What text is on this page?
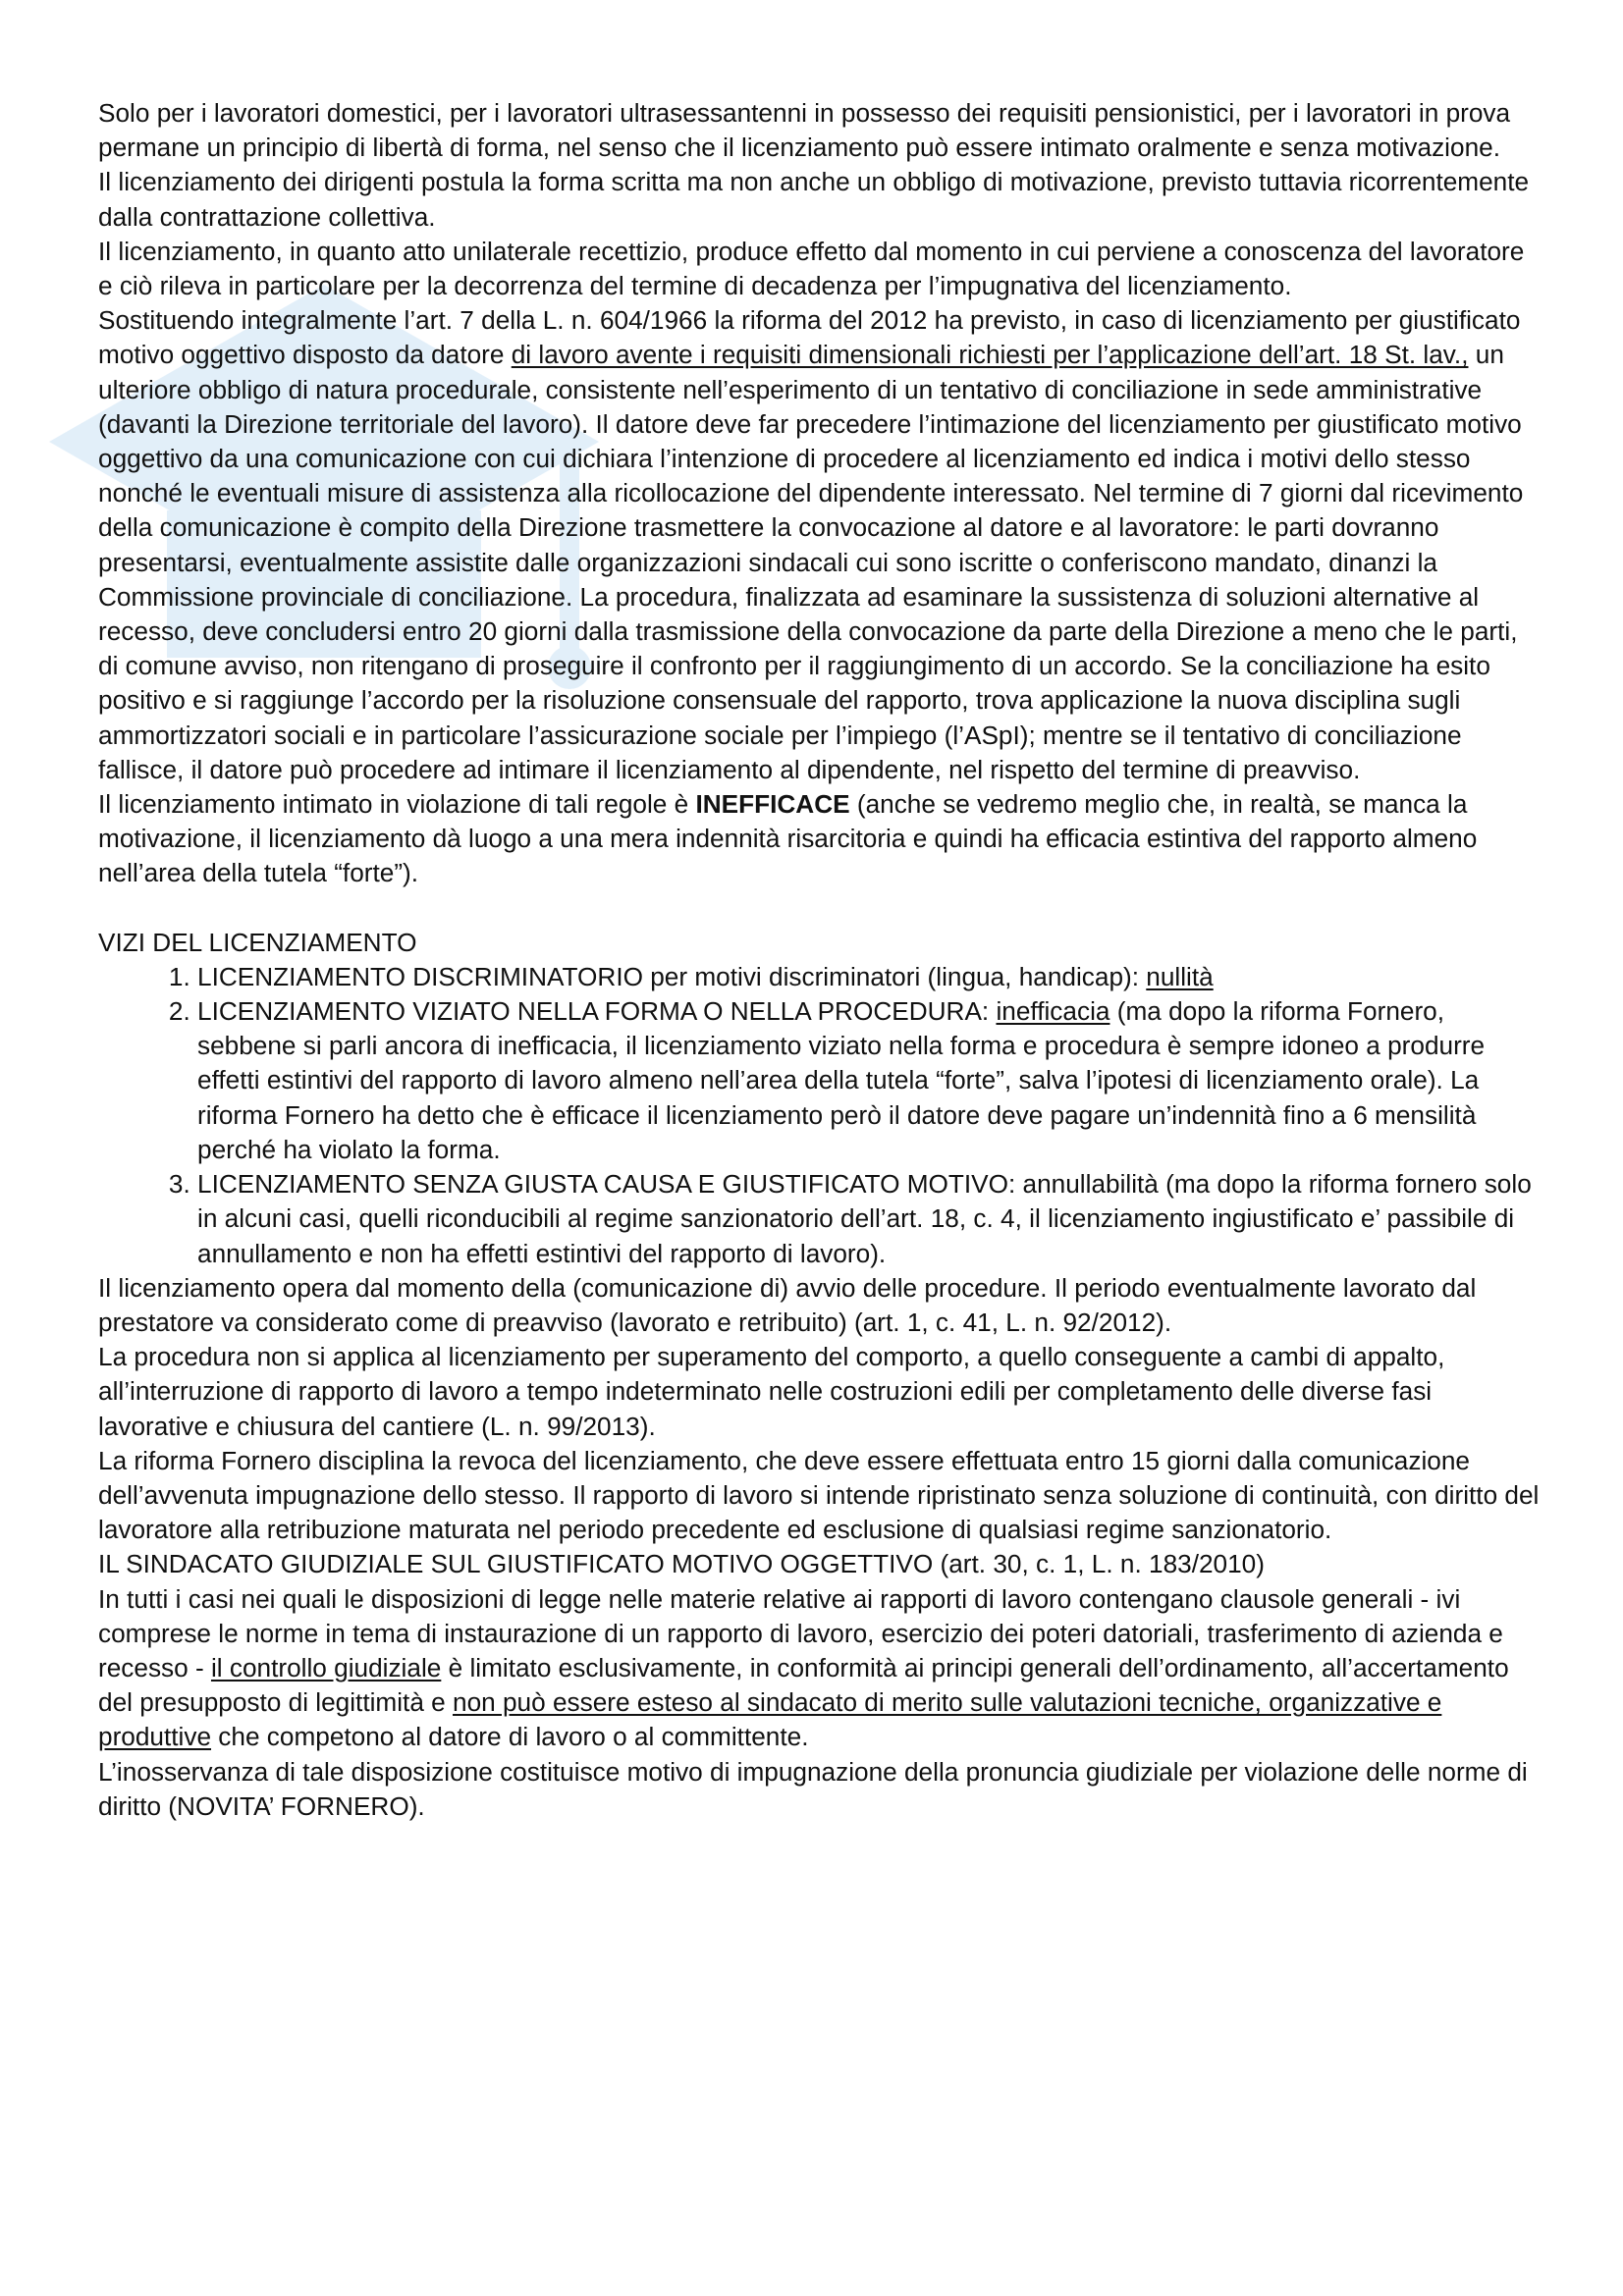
Solo per i lavoratori domestici, per i lavoratori ultrasessantenni in possesso dei requisiti pensionistici, per i lavoratori in prova permane un principio di libertà di forma, nel senso che il licenziamento può essere intimato oralmente e senza motivazione.

Il licenziamento dei dirigenti postula la forma scritta ma non anche un obbligo di motivazione, previsto tuttavia ricorrentemente dalla contrattazione collettiva.

Il licenziamento, in quanto atto unilaterale recettizio, produce effetto dal momento in cui perviene a conoscenza del lavoratore e ciò rileva in particolare per la decorrenza del termine di decadenza per l’impugnativa del licenziamento.

Sostituendo integralmente l’art. 7 della L. n. 604/1966 la riforma del 2012 ha previsto, in caso di licenziamento per giustificato motivo oggettivo disposto da datore di lavoro avente i requisiti dimensionali richiesti per l’applicazione dell’art. 18 St. lav., un ulteriore obbligo di natura procedurale, consistente nell’esperimento di un tentativo di conciliazione in sede amministrative (davanti la Direzione territoriale del lavoro). Il datore deve far precedere l’intimazione del licenziamento per giustificato motivo oggettivo da una comunicazione con cui dichiara l’intenzione di procedere al licenziamento ed indica i motivi dello stesso nonché le eventuali misure di assistenza alla ricollocazione del dipendente interessato. Nel termine di 7 giorni dal ricevimento della comunicazione è compito della Direzione trasmettere la convocazione al datore e al lavoratore: le parti dovranno presentarsi, eventualmente assistite dalle organizzazioni sindacali cui sono iscritte o conferiscono mandato, dinanzi la Commissione provinciale di conciliazione. La procedura, finalizzata ad esaminare la sussistenza di soluzioni alternative al recesso, deve concludersi entro 20 giorni dalla trasmissione della convocazione da parte della Direzione a meno che le parti, di comune avviso, non ritengano di proseguire il confronto per il raggiungimento di un accordo. Se la conciliazione ha esito positivo e si raggiunge l’accordo per la risoluzione consensuale del rapporto, trova applicazione la nuova disciplina sugli ammortizzatori sociali e in particolare l’assicurazione sociale per l’impiego (l’ASpI); mentre se il tentativo di conciliazione fallisce, il datore può procedere ad intimare il licenziamento al dipendente, nel rispetto del termine di preavviso.

Il licenziamento intimato in violazione di tali regole è INEFFICACE (anche se vedremo meglio che, in realtà, se manca la motivazione, il licenziamento dà luogo a una mera indennità risarcitoria e quindi ha efficacia estintiva del rapporto almeno nell’area della tutela “forte”).

VIZI DEL LICENZIAMENTO

1. LICENZIAMENTO DISCRIMINATORIO per motivi discriminatori (lingua, handicap): nullità
2. LICENZIAMENTO VIZIATO NELLA FORMA O NELLA PROCEDURA: inefficacia (ma dopo la riforma Fornero, sebbene si parli ancora di inefficacia, il licenziamento viziato nella forma e procedura è sempre idoneo a produrre effetti estintivi del rapporto di lavoro almeno nell’area della tutela “forte”, salva l’ipotesi di licenziamento orale). La riforma Fornero ha detto che è efficace il licenziamento però il datore deve pagare un’indennità fino a 6 mensilità perché ha violato la forma.
3. LICENZIAMENTO SENZA GIUSTA CAUSA E GIUSTIFICATO MOTIVO: annullabilità (ma dopo la riforma fornero solo in alcuni casi, quelli riconducibili al regime sanzionatorio dell’art. 18, c. 4, il licenziamento ingiustificato e’ passibile di annullamento e non ha effetti estintivi del rapporto di lavoro).

Il licenziamento opera dal momento della (comunicazione di) avvio delle procedure. Il periodo eventualmente lavorato dal prestatore va considerato come di preavviso (lavorato e retribuito) (art. 1, c. 41, L. n. 92/2012).

La procedura non si applica al licenziamento per superamento del comporto, a quello conseguente a cambi di appalto, all’interruzione di rapporto di lavoro a tempo indeterminato nelle costruzioni edili per completamento delle diverse fasi lavorative e chiusura del cantiere (L. n. 99/2013).

La riforma Fornero disciplina la revoca del licenziamento, che deve essere effettuata entro 15 giorni dalla comunicazione dell’avvenuta impugnazione dello stesso. Il rapporto di lavoro si intende ripristinato senza soluzione di continuità, con diritto del lavoratore alla retribuzione maturata nel periodo precedente ed esclusione di qualsiasi regime sanzionatorio.

IL SINDACATO GIUDIZIALE SUL GIUSTIFICATO MOTIVO OGGETTIVO (art. 30, c. 1, L. n. 183/2010)

In tutti i casi nei quali le disposizioni di legge nelle materie relative ai rapporti di lavoro contengano clausole generali - ivi comprese le norme in tema di instaurazione di un rapporto di lavoro, esercizio dei poteri datoriali, trasferimento di azienda e recesso - il controllo giudiziale è limitato esclusivamente, in conformità ai principi generali dell’ordinamento, all’accertamento del presupposto di legittimità e non può essere esteso al sindacato di merito sulle valutazioni tecniche, organizzative e produttive che competono al datore di lavoro o al committente.

L’inosservanza di tale disposizione costituisce motivo di impugnazione della pronuncia giudiziale per violazione delle norme di diritto (NOVITA’ FORNERO).
